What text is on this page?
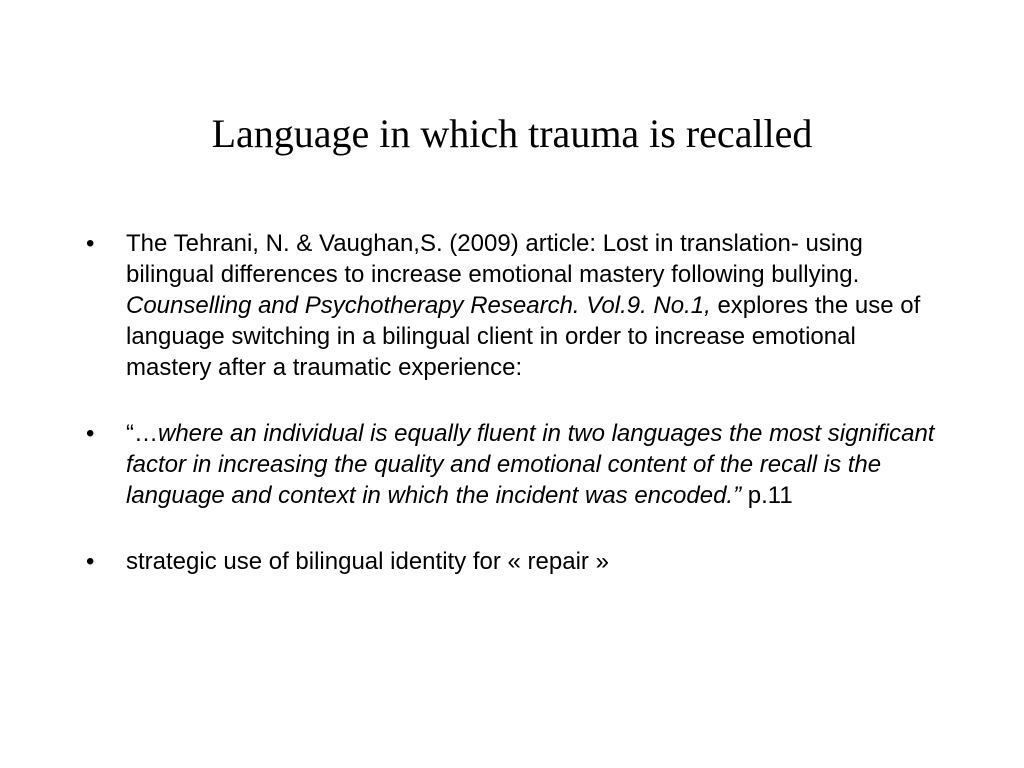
Language in which trauma is recalled
•	The Tehrani, N. & Vaughan,S. (2009) article: Lost in translation- using bilingual differences to increase emotional mastery following bullying. Counselling and Psychotherapy Research. Vol.9. No.1, explores the use of language switching in a bilingual client in order to increase emotional mastery after a traumatic experience:
•	“…where an individual is equally fluent in two languages the most significant factor in increasing the quality and emotional content of the recall is the language and context in which the incident was encoded.” p.11
•	strategic use of bilingual identity for « repair »
